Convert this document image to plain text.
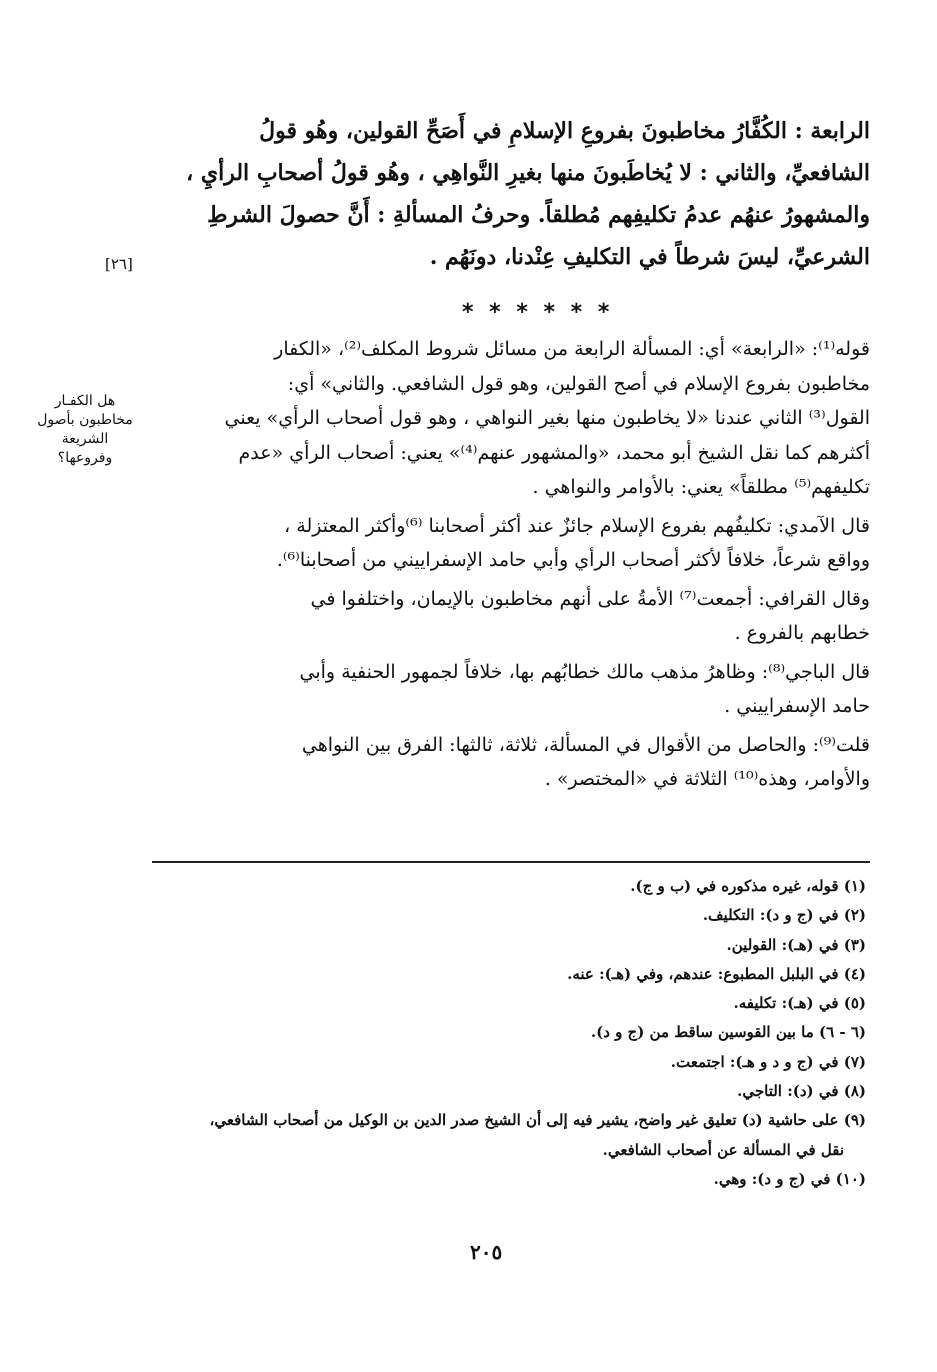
الرابعة : الكُفَّارُ مخاطبونَ بفروعِ الإسلامِ في أَصَحِّ القولين، وهُو قولُ
الشافعيِّ، والثاني : لا يُخاطَبونَ منها بغيرِ النَّواهِي ، وهُو قولُ أصحابِ الرأيِ ،
والمشهورُ عنهُم عدمُ تكليفِهم مُطلقاً. وحرفُ المسألةِ : أَنَّ حصولَ الشرطِ
الشرعيِّ، ليسَ شرطاً في التكليفِ عِنْدنا، دونَهُم .
[٢٦]
* * * * * *
قوله⁽¹⁾: «الرابعة» أي: المسألة الرابعة من مسائل شروط المكلف⁽²⁾، «الكفار
مخاطبون بفروع الإسلام في أصح القولين، وهو قول الشافعي. والثاني» أي:
القول⁽³⁾ الثاني عندنا «لا يخاطبون منها بغير النواهي ، وهو قول أصحاب الرأي» يعني
أكثرهم كما نقل الشيخ أبو محمد، «والمشهور عنهم⁽⁴⁾» يعني: أصحاب الرأي «عدم
تكليفهم⁽⁵⁾ مطلقاً» يعني: بالأوامر والنواهي .
قال الآمدي: تكليفُهم بفروع الإسلام جائزٌ عند أكثر أصحابنا ⁽⁶⁾وأكثر المعتزلة ،
وواقع شرعاً، خلافاً لأكثر أصحاب الرأي وأبي حامد الإسفراييني من أصحابنا⁽⁶⁾.
وقال القرافي: أجمعت⁽⁷⁾ الأمةُ على أنهم مخاطبون بالإيمان، واختلفوا في
خطابهم بالفروع .
قال الباجي⁽⁸⁾: وظاهرُ مذهب مالك خطابُهم بها، خلافاً لجمهور الحنفية وأبي
حامد الإسفراييني .
قلت⁽⁹⁾: والحاصل من الأقوال في المسألة، ثلاثة، ثالثها: الفرق بين النواهي
والأوامر، وهذه⁽¹⁰⁾ الثلاثة في «المختصر» .
هل الكفـار
مخاطبون بأصول
الشريعة
وفروعها؟
(١) قوله، غيره مذكوره في (ب و ج).
(٢) في (ج و د): التكليف.
(٣) في (هـ): القولين.
(٤) في البلبل المطبوع: عندهم، وفي (هـ): عنه.
(٥) في (هـ): تكليفه.
(٦ - ٦) ما بين القوسين ساقط من (ج و د).
(٧) في (ج و د و هـ): اجتمعت.
(٨) في (د): التاجي.
(٩) على حاشية (د) تعليق غير واضح، يشير فيه إلى أن الشيخ صدر الدين بن الوكيل من أصحاب الشافعي،
نقل في المسألة عن أصحاب الشافعي.
(١٠) في (ج و د): وهي.
٢٠٥
